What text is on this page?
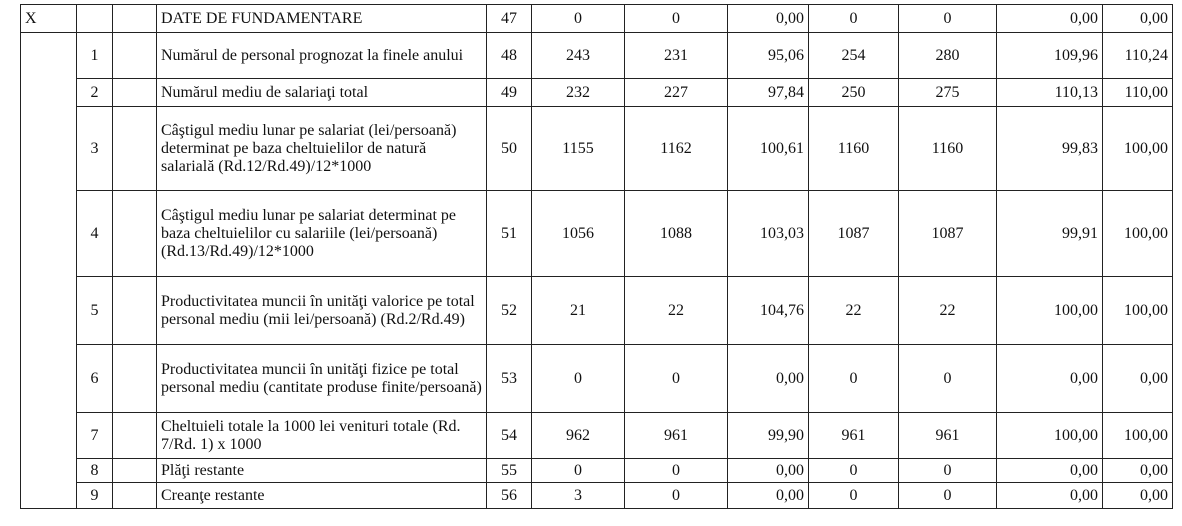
X			DATE DE FUNDAMENTARE	47	0	0	0,00	0	0	0,00	0,00
	1		Numărul de personal prognozat la finele anului	48	243	231	95,06	254	280	109,96	110,24
	2		Numărul mediu de salariaţi total	49	232	227	97,84	250	275	110,13	110,00
	3		Câştigul mediu lunar pe salariat (lei/persoană) determinat pe baza cheltuielilor de natură salarială (Rd.12/Rd.49)/12*1000	50	1155	1162	100,61	1160	1160	99,83	100,00
	4		Câştigul mediu lunar pe salariat determinat pe baza cheltuielilor cu salariile (lei/persoană) (Rd.13/Rd.49)/12*1000	51	1056	1088	103,03	1087	1087	99,91	100,00
	5		Productivitatea muncii în unităţi valorice pe total personal mediu (mii lei/persoană) (Rd.2/Rd.49)	52	21	22	104,76	22	22	100,00	100,00
	6		Productivitatea muncii în unităţi fizice pe total personal mediu (cantitate produse finite/persoană)	53	0	0	0,00	0	0	0,00	0,00
	7		Cheltuieli totale la 1000 lei venituri totale (Rd. 7/Rd. 1) x 1000	54	962	961	99,90	961	961	100,00	100,00
	8		Plăţi restante	55	0	0	0,00	0	0	0,00	0,00
	9		Creanţe restante	56	3	0	0,00	0	0	0,00	0,00
